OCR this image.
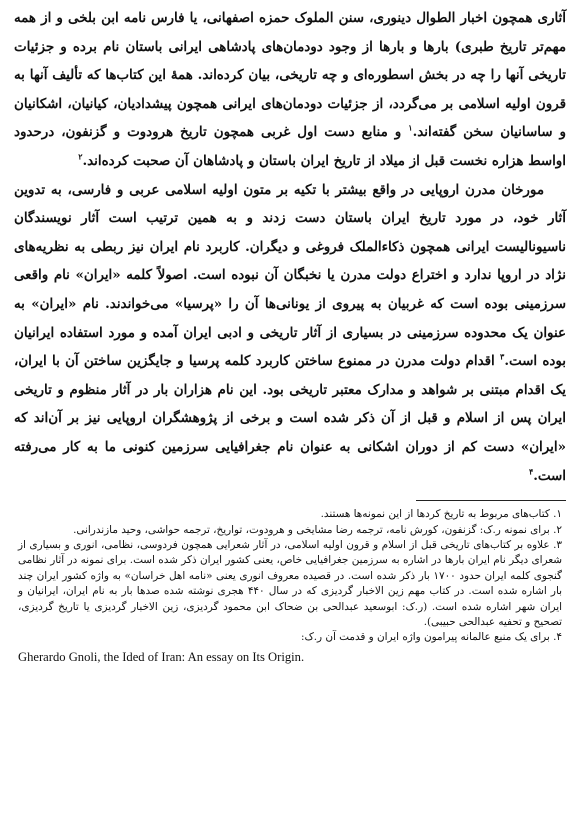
آثاری همچون اخبار الطوال دینوری، سنن الملوک حمزه اصفهانی، یا فارس نامه ابن بلخی و از همه مهم‌تر تاریخ طبری) بارها و بارها از وجود دودمان‌های پادشاهی ایرانی باستان نام برده و جزئیات تاریخی آنها را چه در بخش اسطوره‌ای و چه تاریخی، بیان کرده‌اند. همهٔ این کتاب‌ها که تألیف آنها به قرون اولیه اسلامی بر می‌گردد، از جزئیات دودمان‌های ایرانی همچون پیشدادیان، کیانیان، اشکانیان و ساسانیان سخن گفته‌اند.$^۱$ و منابع دست اول غربی همچون تاریخ هرودوت و گزنفون، درحدود اواسط هزاره نخست قبل از میلاد از تاریخ ایران باستان و پادشاهان آن صحبت کرده‌اند.$^۲$

مورخان مدرن اروپایی در واقع بیشتر با تکیه بر متون اولیه اسلامی عربی و فارسی، به تدوین آثار خود، در مورد تاریخ ایران باستان دست زدند و به همین ترتیب است آثار نویسندگان ناسیونالیست ایرانی همچون ذکاءالملک فروغی و دیگران. کاربرد نام ایران نیز ربطی به نظریه‌های نژاد در اروپا ندارد و اختراع دولت مدرن یا نخبگان آن نبوده است. اصولاً کلمه «ایران» نام واقعی سرزمینی بوده است که غربیان به پیروی از یونانی‌ها آن را «پرسیا» می‌خواندند. نام «ایران» به عنوان یک محدوده سرزمینی در بسیاری از آثار تاریخی و ادبی ایران آمده و مورد استفاده ایرانیان بوده است.$^۳$ اقدام دولت مدرن در ممنوع ساختن کاربرد کلمه پرسیا و جایگزین ساختن آن با ایران، یک اقدام مبتنی بر شواهد و مدارک معتبر تاریخی بود. این نام هزاران بار در آثار منظوم و تاریخی ایران پس از اسلام و قبل از آن ذکر شده است و برخی از پژوهشگران اروپایی نیز بر آن‌اند که «ایران» دست کم از دوران اشکانی به عنوان نام جغرافیایی سرزمین کنونی ما به کار می‌رفته است.$^۴$

۱. کتاب‌های مربوط به تاریخ کردها از این نمونه‌ها هستند.

۲. برای نمونه ر.ک: گزنفون، کورش نامه، ترجمه رضا مشایخی و هرودوت، تواریخ، ترجمه حواشی، وحید مازندرانی.

۳. علاوه بر کتاب‌های تاریخی قبل از اسلام و قرون اولیه اسلامی، در آثار شعرایی همچون فردوسی، نظامی، انوری و بسیاری از شعرای دیگر نام ایران بارها در اشاره به سرزمین جغرافیایی خاص، یعنی کشور ایران ذکر شده است. برای نمونه در آثار نظامی گنجوی کلمه ایران حدود ۱۷۰۰ بار ذکر شده است. در قصیده معروف انوری یعنی «نامه اهل خراسان» به واژه کشور ایران چند بار اشاره شده است. در کتاب مهم زین الاخبار گردیزی که در سال ۴۴۰ هجری نوشته شده صدها بار به نام ایران، ایرانیان و ایران شهر اشاره شده است. (ر.ک: ابوسعید عبدالحی بن ضحاک ابن محمود گردیزی، زین الاخبار گردیزی یا تاریخ گردیزی، تصحیح و تحفیه عبدالحی حبیبی).

۴. برای یک منبع عالمانه پیرامون واژه ایران و قدمت آن ر.ک:

Gherardo Gnoli, the Ided of Iran: An essay on Its Origin.
